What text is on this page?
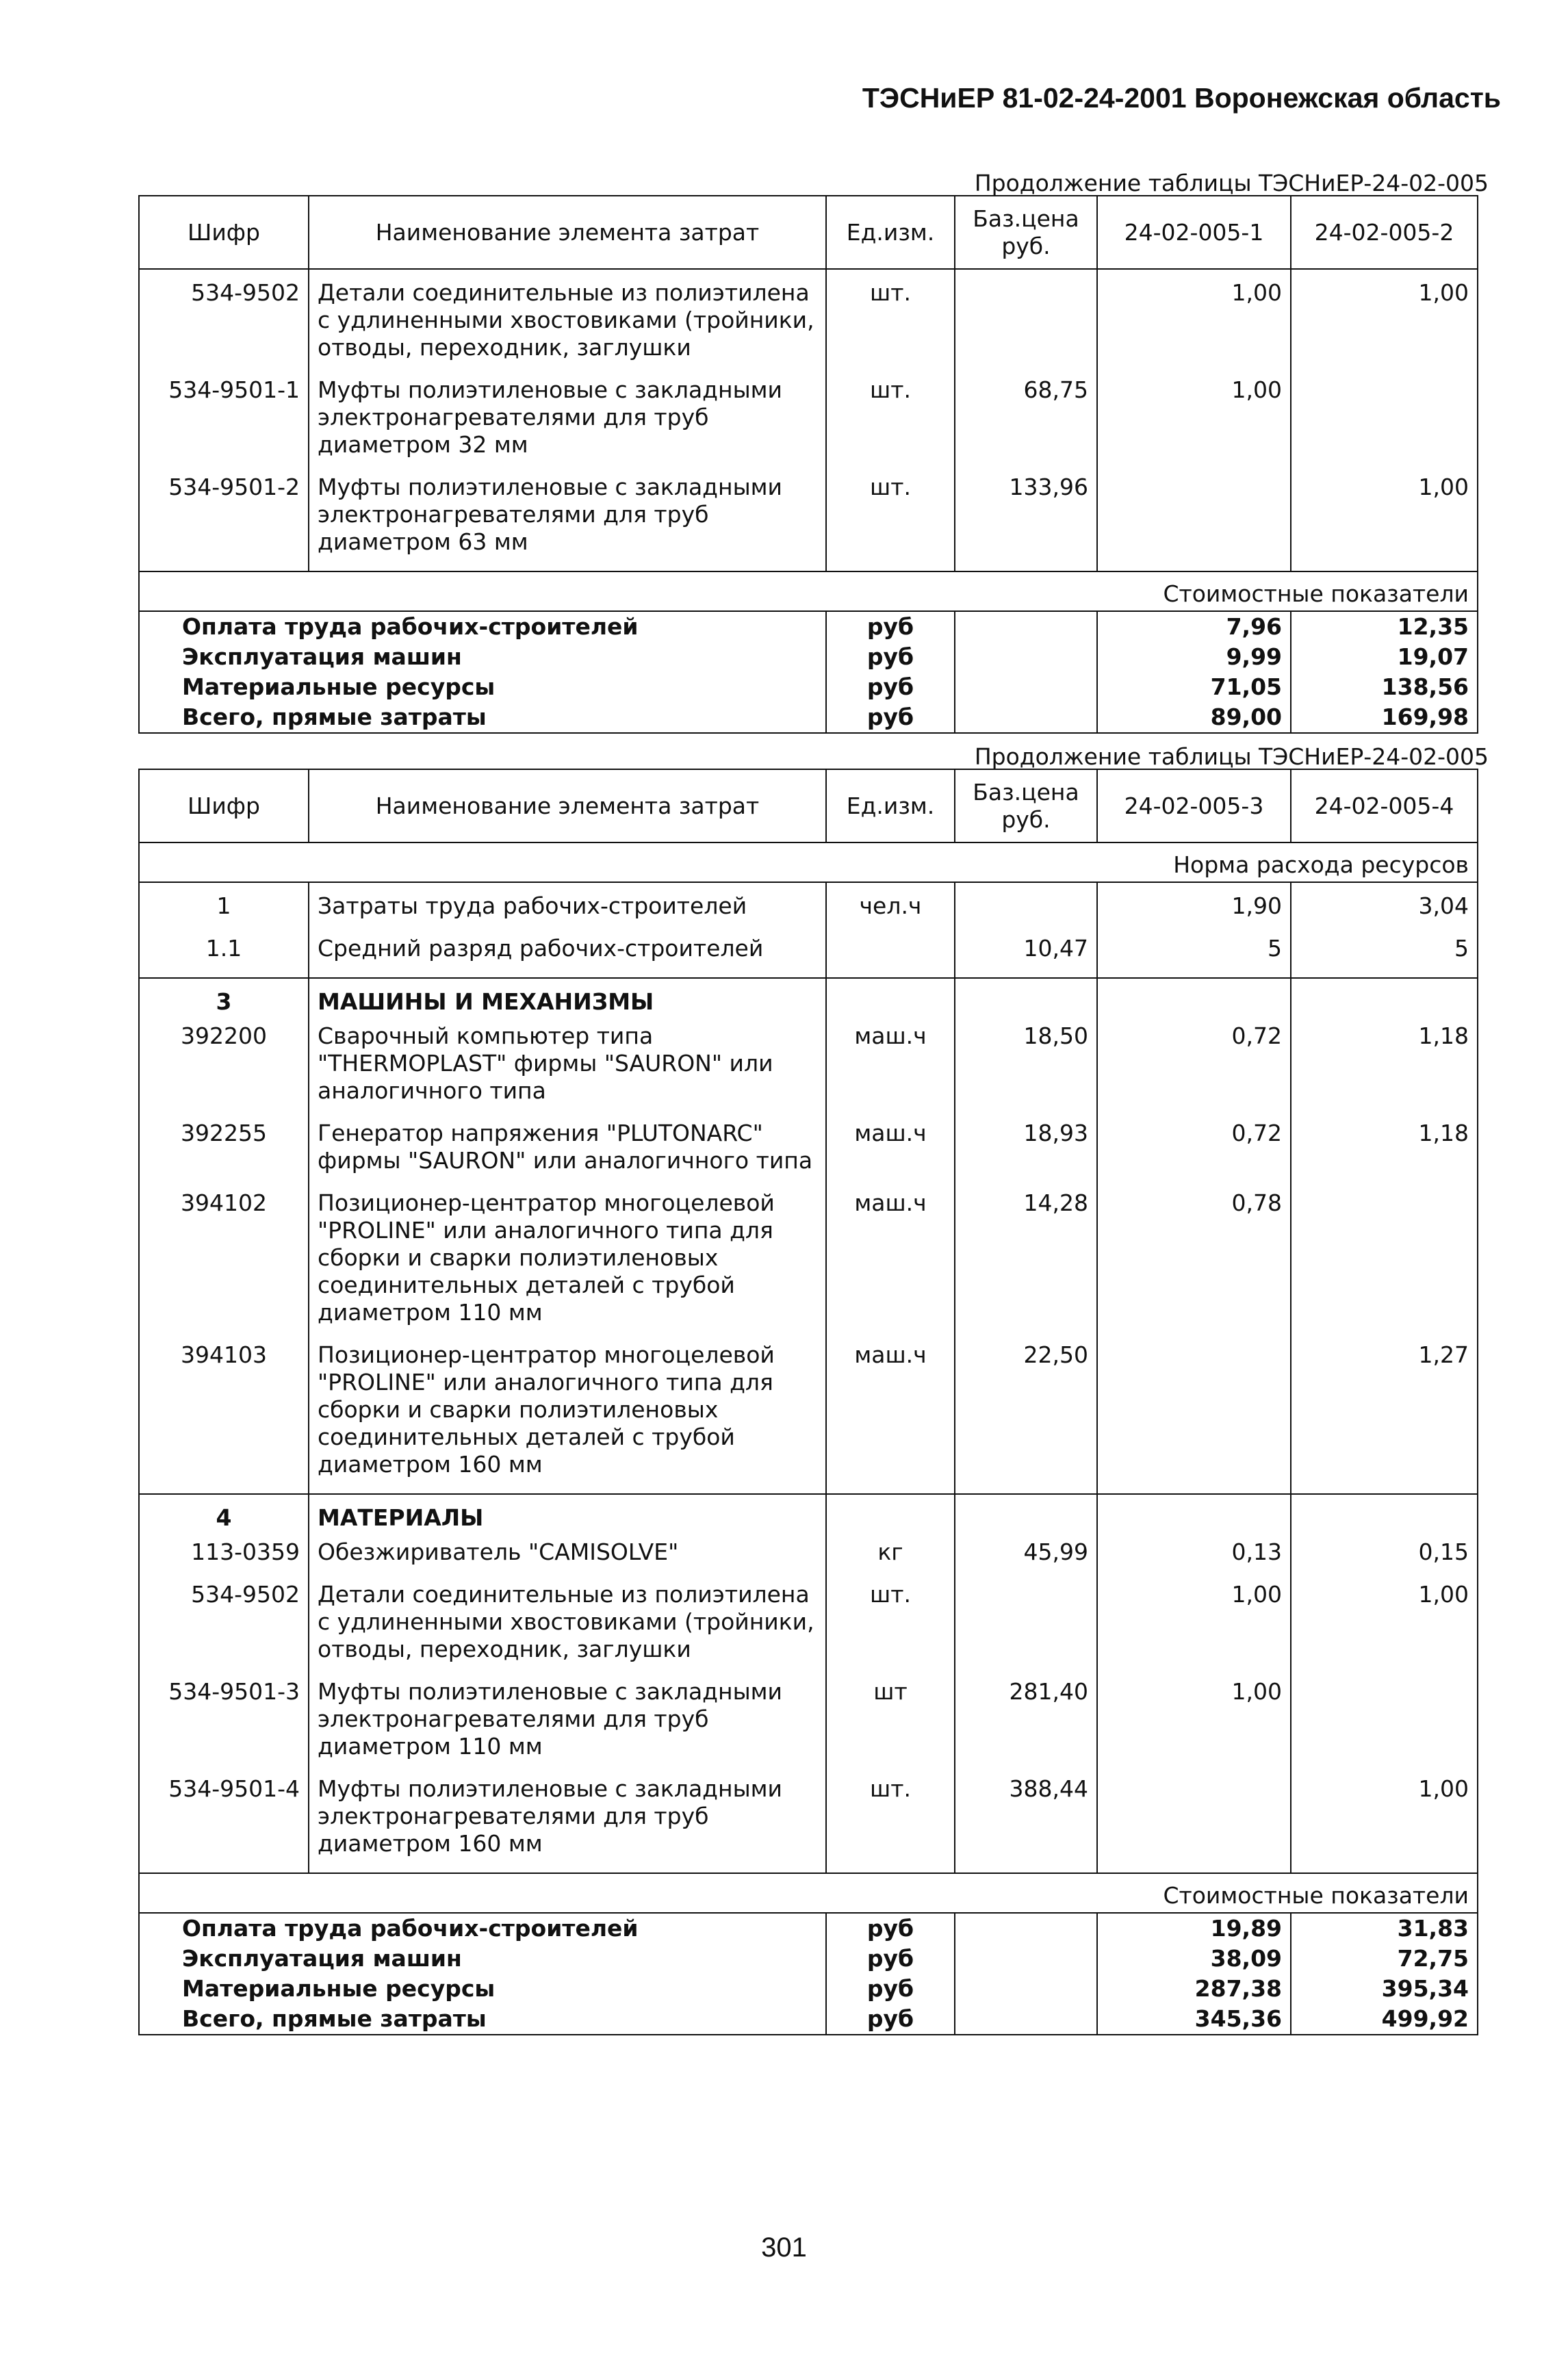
ТЭСНиЕР 81-02-24-2001 Воронежская область
Продолжение таблицы ТЭСНиЕР-24-02-005
Шифр	Наименование элемента затрат	Ед.изм.	Баз.цена руб.	24-02-005-1	24-02-005-2
534-9502	Детали соединительные из полиэтилена с удлиненными хвостовиками (тройники, отводы, переходник, заглушки	шт.		1,00	1,00
534-9501-1	Муфты полиэтиленовые с закладными электронагревателями для труб диаметром 32 мм	шт.	68,75	1,00	
534-9501-2	Муфты полиэтиленовые с закладными электронагревателями для труб диаметром 63 мм	шт.	133,96		1,00
Стоимостные показатели					
Оплата труда рабочих-строителей		руб		7,96	12,35
Эксплуатация машин		руб		9,99	19,07
Материальные ресурсы		руб		71,05	138,56
Всего, прямые затраты		руб		89,00	169,98
Продолжение таблицы ТЭСНиЕР-24-02-005
Шифр	Наименование элемента затрат	Ед.изм.	Баз.цена руб.	24-02-005-3	24-02-005-4
Норма расхода ресурсов					
1	Затраты труда рабочих-строителей	чел.ч		1,90	3,04
1.1	Средний разряд рабочих-строителей		10,47	5	5
3	МАШИНЫ И МЕХАНИЗМЫ				
392200	Сварочный компьютер типа "THERMOPLAST" фирмы "SAURON" или аналогичного типа	маш.ч	18,50	0,72	1,18
392255	Генератор напряжения "PLUTONARC" фирмы "SAURON" или аналогичного типа	маш.ч	18,93	0,72	1,18
394102	Позиционер-центратор многоцелевой "PROLINE" или аналогичного типа для сборки и сварки полиэтиленовых соединительных деталей с трубой диаметром 110 мм	маш.ч	14,28	0,78	
394103	Позиционер-центратор многоцелевой "PROLINE" или аналогичного типа для сборки и сварки полиэтиленовых соединительных деталей с трубой диаметром 160 мм	маш.ч	22,50		1,27
4	МАТЕРИАЛЫ				
113-0359	Обезжириватель "CAMISOLVE"	кг	45,99	0,13	0,15
534-9502	Детали соединительные из полиэтилена с удлиненными хвостовиками (тройники, отводы, переходник, заглушки	шт.		1,00	1,00
534-9501-3	Муфты полиэтиленовые с закладными электронагревателями для труб диаметром 110 мм	шт	281,40	1,00	
534-9501-4	Муфты полиэтиленовые с закладными электронагревателями для труб диаметром 160 мм	шт.	388,44		1,00
Стоимостные показатели					
Оплата труда рабочих-строителей		руб		19,89	31,83
Эксплуатация машин		руб		38,09	72,75
Материальные ресурсы		руб		287,38	395,34
Всего, прямые затраты		руб		345,36	499,92
301
